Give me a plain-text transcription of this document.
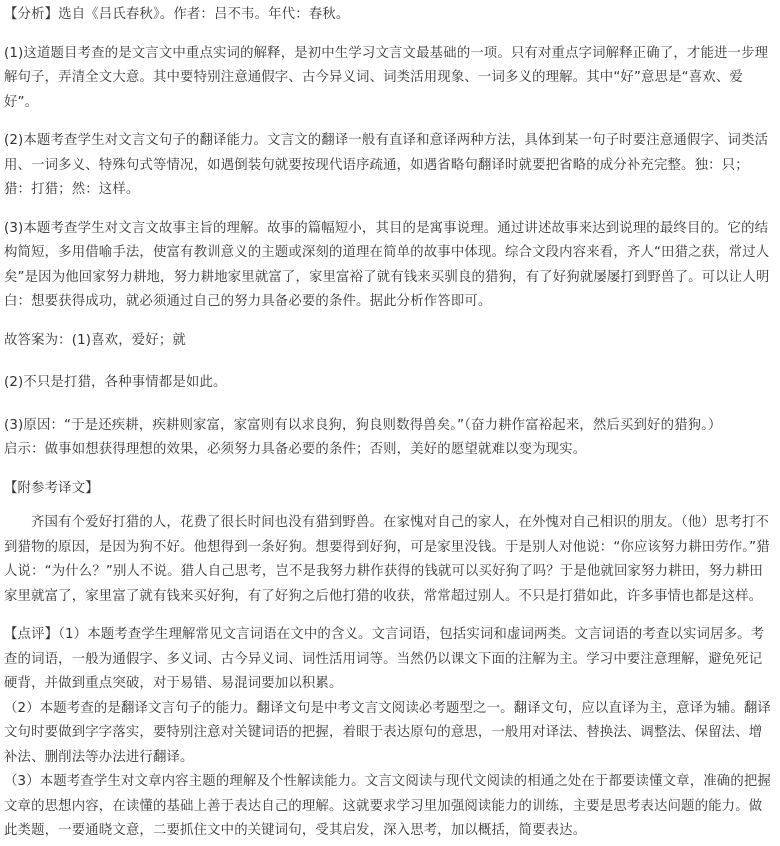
【分析】选自《吕氏春秋》。作者：吕不韦。年代：春秋。

(1)这道题目考查的是文言文中重点实词的解释，是初中生学习文言文最基础的一项。只有对重点字词解释正确了，才能进一步理解句子，弄清全文大意。其中要特别注意通假字、古今异义词、词类活用现象、一词多义的理解。其中“好”意思是“喜欢、爱好”。

(2)本题考查学生对文言文句子的翻译能力。文言文的翻译一般有直译和意译两种方法，具体到某一句子时要注意通假字、词类活用、一词多义、特殊句式等情况，如遇倒装句就要按现代语序疏通，如遇省略句翻译时就要把省略的成分补充完整。独：只；猎：打猎；然：这样。

(3)本题考查学生对文言文故事主旨的理解。故事的篇幅短小，其目的是寓事说理。通过讲述故事来达到说理的最终目的。它的结构简短，多用借喻手法，使富有教训意义的主题或深刻的道理在简单的故事中体现。综合文段内容来看，齐人“田猎之获，常过人矣”是因为他回家努力耕地，努力耕地家里就富了，家里富裕了就有钱来买驯良的猎狗，有了好狗就屡屡打到野兽了。可以让人明白：想要获得成功，就必须通过自己的努力具备必要的条件。据此分析作答即可。

故答案为：(1)喜欢，爱好；就

(2)不只是打猎，各种事情都是如此。

(3)原因：“于是还疾耕，疾耕则家富，家富则有以求良狗，狗良则数得兽矣。”（奋力耕作富裕起来，然后买到好的猎狗。）

启示：做事如想获得理想的效果，必须努力具备必要的条件；否则，美好的愿望就难以变为现实。

【附参考译文】

齐国有个爱好打猎的人，花费了很长时间也没有猎到野兽。在家愧对自己的家人，在外愧对自己相识的朋友。（他）思考打不到猎物的原因，是因为狗不好。他想得到一条好狗。想要得到好狗，可是家里没钱。于是别人对他说：“你应该努力耕田劳作。”猎人说：“为什么？”别人不说。猎人自己思考，岂不是我努力耕作获得的钱就可以买好狗了吗？于是他就回家努力耕田，努力耕田家里就富了，家里富了就有钱来买好狗，有了好狗之后他打猎的收获，常常超过别人。不只是打猎如此，许多事情也都是这样。

【点评】（1）本题考查学生理解常见文言词语在文中的含义。文言词语，包括实词和虚词两类。文言词语的考查以实词居多。考查的词语，一般为通假字、多义词、古今异义词、词性活用词等。当然仍以课文下面的注解为主。学习中要注意理解，避免死记硬背，并做到重点突破，对于易错、易混词要加以积累。

（2）本题考查的是翻译文言句子的能力。翻译文句是中考文言文阅读必考题型之一。翻译文句，应以直译为主，意译为辅。翻译文句时要做到字字落实，要特别注意对关键词语的把握，着眼于表达原句的意思，一般用对译法、替换法、调整法、保留法、增补法、删削法等办法进行翻译。

（3）本题考查学生对文章内容主题的理解及个性解读能力。文言文阅读与现代文阅读的相通之处在于都要读懂文章，准确的把握文章的思想内容，在读懂的基础上善于表达自己的理解。这就要求学习里加强阅读能力的训练，主要是思考表达问题的能力。做此类题，一要通晓文意，二要抓住文中的关键词句，受其启发，深入思考，加以概括，简要表达。
